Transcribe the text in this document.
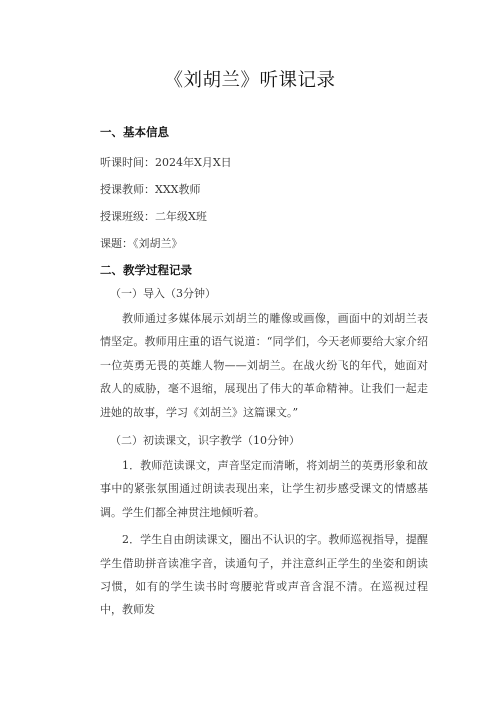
《刘胡兰》听课记录
一、基本信息
听课时间：2024年X月X日
授课教师：XXX教师
授课班级：二年级X班
课题：《刘胡兰》
二、教学过程记录
（一）导入（3分钟）

教师通过多媒体展示刘胡兰的雕像或画像，画面中的刘胡兰表情坚定。教师用庄重的语气说道：“同学们，今天老师要给大家介绍一位英勇无畏的英雄人物——刘胡兰。在战火纷飞的年代，她面对敌人的威胁，毫不退缩，展现出了伟大的革命精神。让我们一起走进她的故事，学习《刘胡兰》这篇课文。”

（二）初读课文，识字教学（10分钟）

1．教师范读课文，声音坚定而清晰，将刘胡兰的英勇形象和故事中的紧张氛围通过朗读表现出来，让学生初步感受课文的情感基调。学生们都全神贯注地倾听着。

2．学生自由朗读课文，圈出不认识的字。教师巡视指导，提醒学生借助拼音读准字音，读通句子，并注意纠正学生的坐姿和朗读习惯，如有的学生读书时弯腰驼背或声音含混不清。在巡视过程中，教师发
